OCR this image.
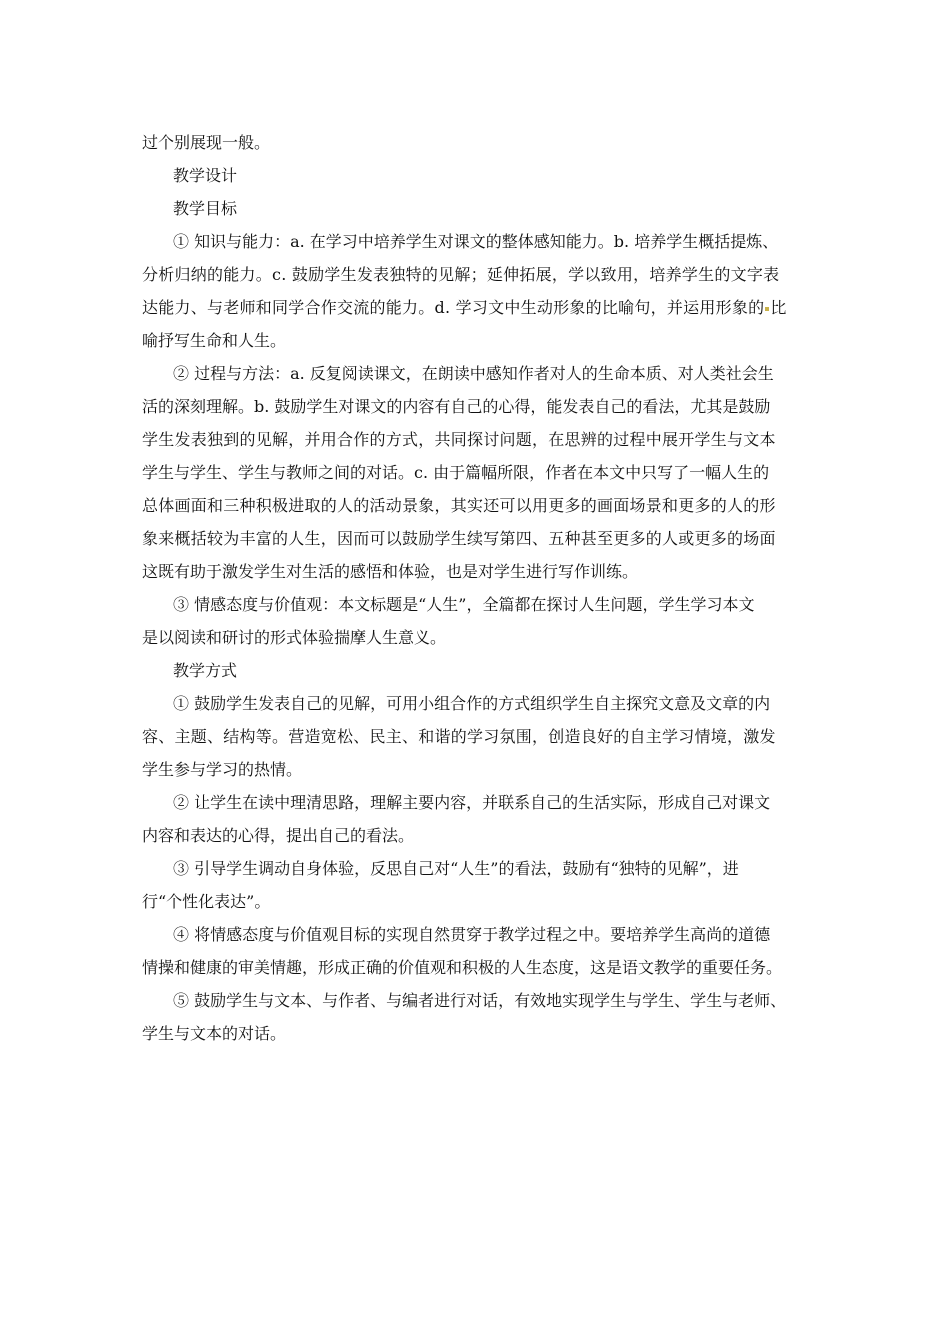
过个别展现一般。
教学设计
教学目标
① 知识与能力：a. 在学习中培养学生对课文的整体感知能力。b. 培养学生概括提炼、
分析归纳的能力。c. 鼓励学生发表独特的见解；延伸拓展，学以致用，培养学生的文字表
达能力、与老师和同学合作交流的能力。d. 学习文中生动形象的比喻句，并运用形象的 比
喻抒写生命和人生。
② 过程与方法：a. 反复阅读课文，在朗读中感知作者对人的生命本质、对人类社会生
活的深刻理解。b. 鼓励学生对课文的内容有自己的心得，能发表自己的看法，尤其是鼓励
学生发表独到的见解，并用合作的方式，共同探讨问题，在思辨的过程中展开学生与文本
学生与学生、学生与教师之间的对话。c. 由于篇幅所限，作者在本文中只写了一幅人生的
总体画面和三种积极进取的人的活动景象，其实还可以用更多的画面场景和更多的人的形
象来概括较为丰富的人生，因而可以鼓励学生续写第四、五种甚至更多的人或更多的场面
这既有助于激发学生对生活的感悟和体验，也是对学生进行写作训练。
③ 情感态度与价值观：本文标题是“人生”，全篇都在探讨人生问题，学生学习本文
是以阅读和研讨的形式体验揣摩人生意义。
教学方式
① 鼓励学生发表自己的见解，可用小组合作的方式组织学生自主探究文意及文章的内
容、主题、结构等。营造宽松、民主、和谐的学习氛围，创造良好的自主学习情境，激发
学生参与学习的热情。
② 让学生在读中理清思路，理解主要内容，并联系自己的生活实际，形成自己对课文
内容和表达的心得，提出自己的看法。
③ 引导学生调动自身体验，反思自己对“人生”的看法，鼓励有“独特的见解”，进
行“个性化表达”。
④ 将情感态度与价值观目标的实现自然贯穿于教学过程之中。要培养学生高尚的道德
情操和健康的审美情趣，形成正确的价值观和积极的人生态度，这是语文教学的重要任务。
⑤ 鼓励学生与文本、与作者、与编者进行对话，有效地实现学生与学生、学生与老师、
学生与文本的对话。
